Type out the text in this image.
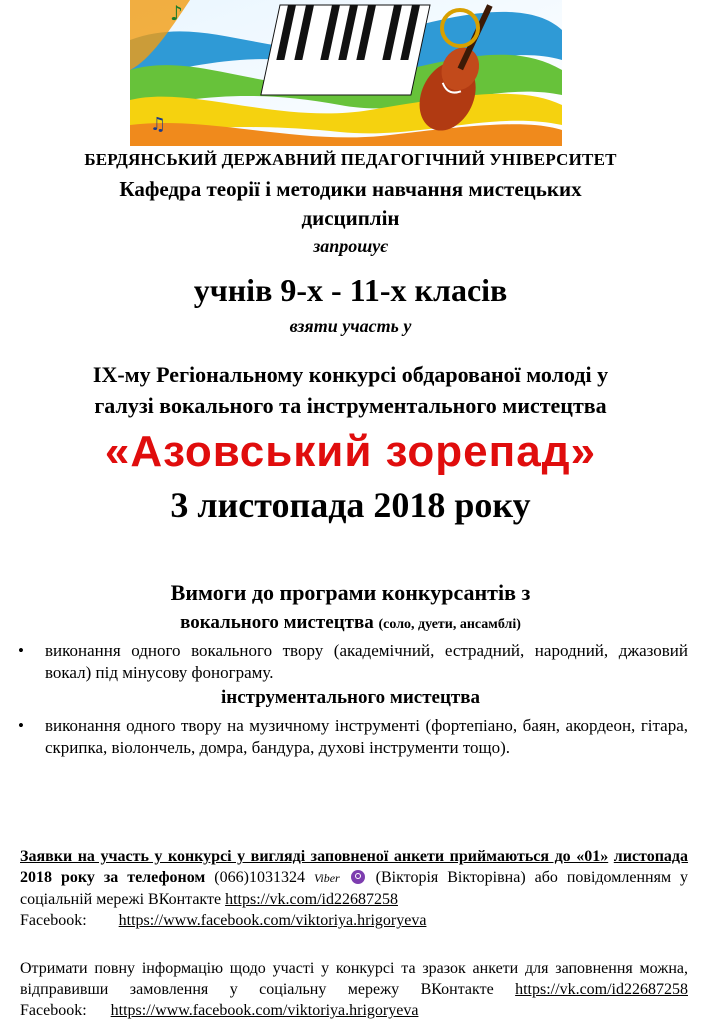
♪
♫
БЕРДЯНСЬКИЙ ДЕРЖАВНИЙ ПЕДАГОГІЧНИЙ УНІВЕРСИТЕТ
Кафедра теорії і методики навчання мистецьких
дисциплін
запрошує
учнів 9-х - 11-х класів
взяти участь у
ІХ-му Регіональному конкурсі обдарованої молоді у
галузі вокального та інструментального мистецтва
«Азовський зорепад»
3 листопада 2018 року
Вимоги до програми конкурсантів з
вокального мистецтва (соло, дуети, ансамблі)
• виконання одного вокального твору (академічний, естрадний, народний, джазовий вокал) під мінусову фонограму.
інструментального мистецтва
• виконання одного твору на музичному інструменті (фортепіано, баян, акордеон, гітара, скрипка, віолончель, домра, бандура, духові інструменти тощо).
Заявки на участь у конкурсі у вигляді заповненої анкети приймаються до «01» листопада 2018 року за телефоном (066)1031324 Viber  (Вікторія Вікторівна) або повідомленням у соціальній мережі ВКонтакте https://vk.com/id22687258
Facebook: https://www.facebook.com/viktoriya.hrigoryeva
Отримати повну інформацію щодо участі у конкурсі та зразок анкети для заповнення можна, відправивши замовлення у соціальну мережу ВКонтакте https://vk.com/id22687258 Facebook: https://www.facebook.com/viktoriya.hrigoryeva
